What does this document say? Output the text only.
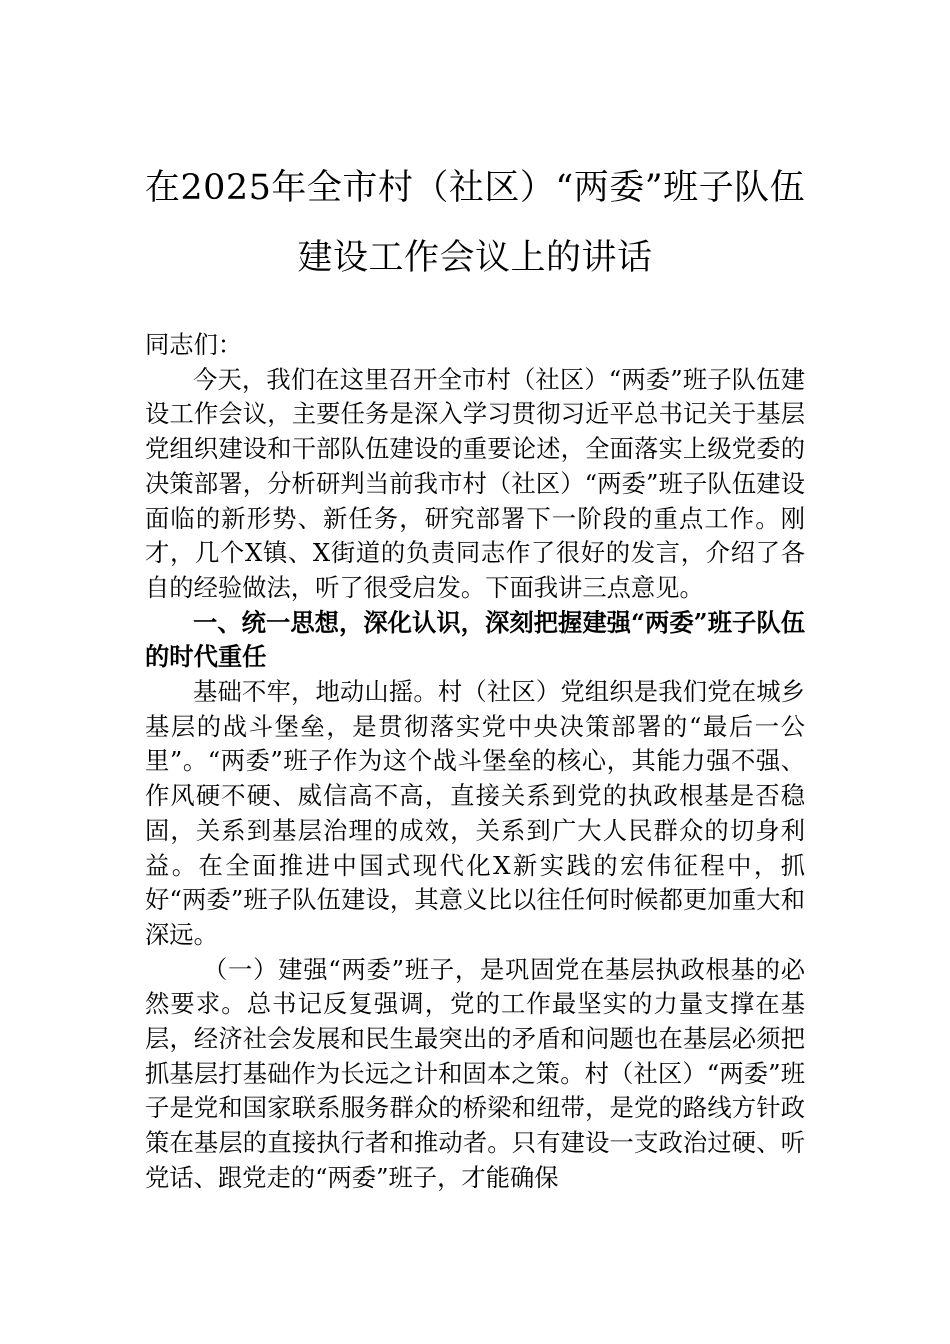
在2025年全市村（社区）“两委”班子队伍
建设工作会议上的讲话

同志们：

今天，我们在这里召开全市村（社区）“两委”班子队伍建设工作会议，主要任务是深入学习贯彻习近平总书记关于基层党组织建设和干部队伍建设的重要论述，全面落实上级党委的决策部署，分析研判当前我市村（社区）“两委”班子队伍建设面临的新形势、新任务，研究部署下一阶段的重点工作。刚才，几个X镇、X街道的负责同志作了很好的发言，介绍了各自的经验做法，听了很受启发。下面我讲三点意见。

一、统一思想，深化认识，深刻把握建强“两委”班子队伍的时代重任

基础不牢，地动山摇。村（社区）党组织是我们党在城乡基层的战斗堡垒，是贯彻落实党中央决策部署的“最后一公里”。“两委”班子作为这个战斗堡垒的核心，其能力强不强、作风硬不硬、威信高不高，直接关系到党的执政根基是否稳固，关系到基层治理的成效，关系到广大人民群众的切身利益。在全面推进中国式现代化X新实践的宏伟征程中，抓好“两委”班子队伍建设，其意义比以往任何时候都更加重大和深远。

（一）建强“两委”班子，是巩固党在基层执政根基的必然要求。总书记反复强调，党的工作最坚实的力量支撑在基层，经济社会发展和民生最突出的矛盾和问题也在基层必须把抓基层打基础作为长远之计和固本之策。村（社区）“两委”班子是党和国家联系服务群众的桥梁和纽带，是党的路线方针政策在基层的直接执行者和推动者。只有建设一支政治过硬、听党话、跟党走的“两委”班子，才能确保
